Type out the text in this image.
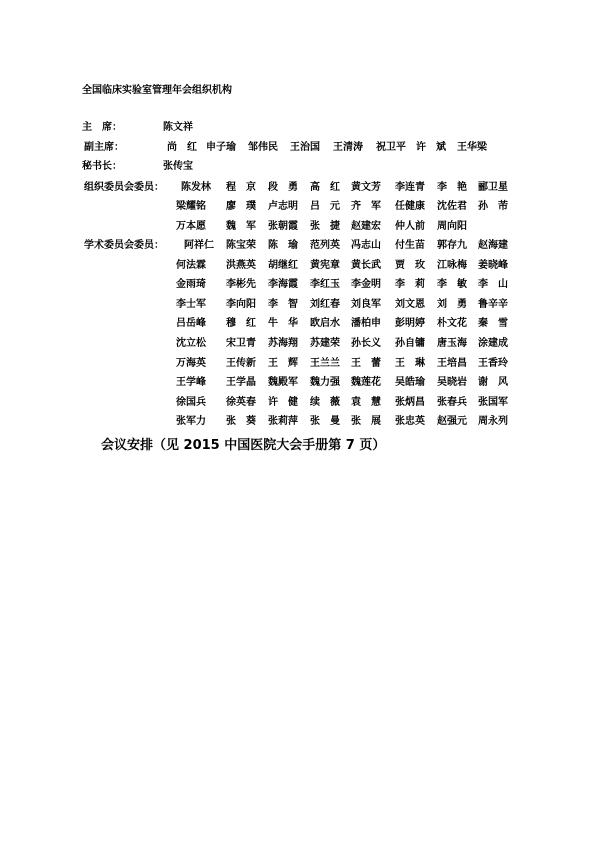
全国临床实验室管理年会组织机构
主　席：	陈文祥
副主席：	尚　红 申子瑜 邹伟民 王治国 王清涛 祝卫平 许　斌 王华梁
秘书长：	张传宝
组织委员会委员： 陈发林 程　京 段　勇 高　红 黄文芳 李连青 李　艳 郦卫星
梁耀铭 廖　璞 卢志明 吕　元 齐　军 任健康 沈佐君 孙　芾
万本愿 魏　军 张朝霞 张　捷 赵建宏 仲人前 周向阳
学术委员会委员： 阿祥仁 陈宝荣 陈　瑜 范列英 冯志山 付生苗 郭存九 赵海建
何法霖 洪燕英 胡继红 黄宪章 黄长武 贾　玫 江咏梅 姜晓峰
金雨琦 李彬先 李海霞 李红玉 李金明 李　莉 李　敏 李　山
李士军 李向阳 李　智 刘红春 刘良军 刘文恩 刘　勇 鲁辛辛
吕岳峰 穆　红 牛　华 欧启水 潘柏申 彭明婷 朴文花 秦　雪
沈立松 宋卫青 苏海翔 苏建荣 孙长义 孙自镛 唐玉海 涂建成
万海英 王传新 王　辉 王兰兰 王　蕾 王　琳 王培昌 王香玲
王学峰 王学晶 魏殿军 魏力强 魏莲花 吴皓瑜 吴晓岩 谢　风
徐国兵 徐英春 许　健 续　薇 袁　慧 张炳昌 张春兵 张国军
张军力 张　葵 张莉萍 张　曼 张　展 张忠英 赵强元 周永列
会议安排（见 2015 中国医院大会手册第 7 页）
